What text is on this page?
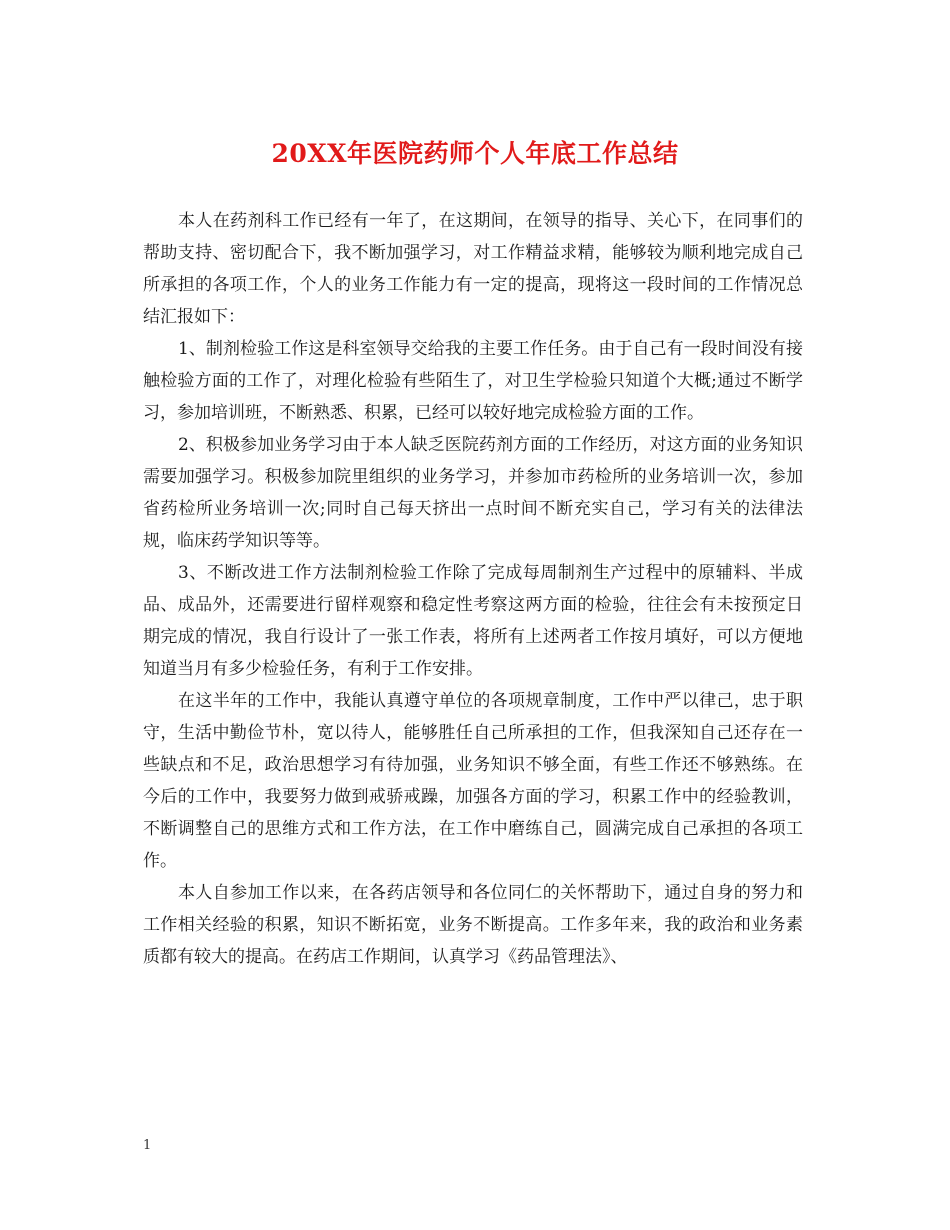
20XX年医院药师个人年底工作总结

本人在药剂科工作已经有一年了，在这期间，在领导的指导、关心下，在同事们的帮助支持、密切配合下，我不断加强学习，对工作精益求精，能够较为顺利地完成自己所承担的各项工作，个人的业务工作能力有一定的提高，现将这一段时间的工作情况总结汇报如下：

1、制剂检验工作这是科室领导交给我的主要工作任务。由于自己有一段时间没有接触检验方面的工作了，对理化检验有些陌生了，对卫生学检验只知道个大概;通过不断学习，参加培训班，不断熟悉、积累，已经可以较好地完成检验方面的工作。

2、积极参加业务学习由于本人缺乏医院药剂方面的工作经历，对这方面的业务知识需要加强学习。积极参加院里组织的业务学习，并参加市药检所的业务培训一次，参加省药检所业务培训一次;同时自己每天挤出一点时间不断充实自己，学习有关的法律法规，临床药学知识等等。

3、不断改进工作方法制剂检验工作除了完成每周制剂生产过程中的原辅料、半成品、成品外，还需要进行留样观察和稳定性考察这两方面的检验，往往会有未按预定日期完成的情况，我自行设计了一张工作表，将所有上述两者工作按月填好，可以方便地知道当月有多少检验任务，有利于工作安排。

在这半年的工作中，我能认真遵守单位的各项规章制度，工作中严以律己，忠于职守，生活中勤俭节朴，宽以待人，能够胜任自己所承担的工作，但我深知自己还存在一些缺点和不足，政治思想学习有待加强，业务知识不够全面，有些工作还不够熟练。在今后的工作中，我要努力做到戒骄戒躁，加强各方面的学习，积累工作中的经验教训，不断调整自己的思维方式和工作方法，在工作中磨练自己，圆满完成自己承担的各项工作。

本人自参加工作以来，在各药店领导和各位同仁的关怀帮助下，通过自身的努力和工作相关经验的积累，知识不断拓宽，业务不断提高。工作多年来，我的政治和业务素质都有较大的提高。在药店工作期间，认真学习《药品管理法》、

1
